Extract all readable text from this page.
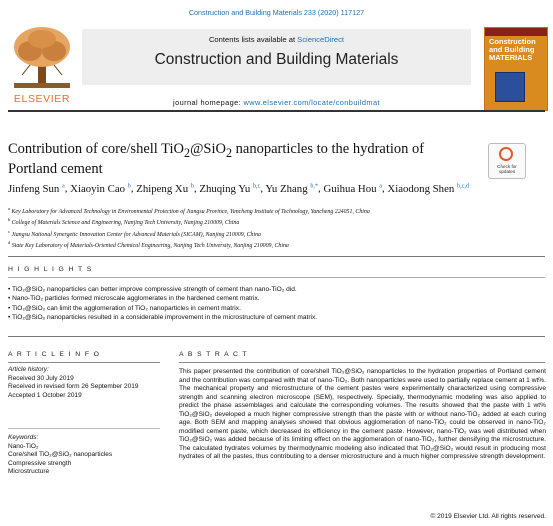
Construction and Building Materials 233 (2020) 117127
ELSEVIER
Contents lists available at ScienceDirect
Construction and Building Materials
journal homepage: www.elsevier.com/locate/conbuildmat
Construction and Building MATERIALS
Contribution of core/shell TiO$_2$@SiO$_2$ nanoparticles to the hydration of Portland cement	Check for updates
Jinfeng Sun $^a$, Xiaoyin Cao $^b$, Zhipeng Xu $^b$, Zhuqing Yu $^{b,c}$, Yu Zhang $^{b,*}$, Guihua Hou $^a$, Xiaodong Shen $^{b,c,d}$
$^a$ Key Laboratory for Advanced Technology in Environmental Protection of Jiangsu Province, Yancheng Institute of Technology, Yancheng 224051, China
$^b$ College of Materials Science and Engineering, Nanjing Tech University, Nanjing 210009, China
$^c$ Jiangsu National Synergetic Innovation Center for Advanced Materials (SICAM), Nanjing 210009, China
$^d$ State Key Laboratory of Materials-Oriented Chemical Engineering, Nanjing Tech University, Nanjing 210009, China
H I G H L I G H T S
• TiO₂@SiO₂ nanoparticles can better improve compressive strength of cement than nano-TiO₂ did.
• Nano-TiO₂ particles formed microscale agglomerates in the hardened cement matrix.
• TiO₂@SiO₂ can limit the agglomeration of TiO₂ nanoparticles in cement matrix.
• TiO₂@SiO₂ nanoparticles resulted in a considerable improvement in the microstructure of cement matrix.
A R T I C L E I N F O
Article history:
Received 30 July 2019
Received in revised form 26 September 2019
Accepted 1 October 2019
Keywords:
Nano-TiO₂
Core/shell TiO₂@SiO₂ nanoparticles
Compressive strength
Microstructure
A B S T R A C T
This paper presented the contribution of core/shell TiO₂@SiO₂ nanoparticles to the hydration properties of Portland cement and the contribution was compared with that of nano-TiO₂. Both nanoparticles were used to partially replace cement at 1 wt%. The mechanical property and microstructure of the cement pastes were experimentally characterized using compressive strength and scanning electron microscope (SEM), respectively. Specially, thermodynamic modeling was also applied to predict the phase assemblages and calculate the corresponding volumes. The results showed that the paste with 1 wt% TiO₂@SiO₂ developed a much higher compressive strength than the paste with or without nano-TiO₂ added at each curing age. Both SEM and mapping analyses showed that obvious agglomeration of nano-TiO₂ could be observed in nano-TiO₂ modified cement paste, which decreased its efficiency in the cement paste. However, nano-TiO₂ was well distributed when TiO₂@SiO₂ was added because of its limiting effect on the agglomeration of nano-TiO₂, further densifying the microstructure. The calculated hydrates volumes by thermodynamic modeling also indicated that TiO₂@SiO₂ would result in producing most hydrates of all the pastes, thus contributing to a denser microstructure and a much higher compressive strength development.
© 2019 Elsevier Ltd. All rights reserved.
